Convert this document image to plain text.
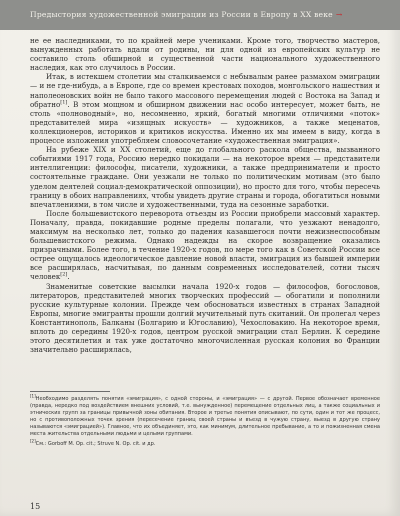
Предыстория художественной эмиграции из России в Европу в XX веке →

не ее наследниками, то по крайней мере учениками. Кроме того, творчество мастеров, вынужденных работать вдали от родины, ни для одной из европейских культур не составило столь обширной и существенной части национального художественного наследия, как это случилось в России.

Итак, в истекшем столетии мы сталкиваемся с небывалым ранее размахом эмиграции — и не где-нибудь, а в Европе, где со времен крестовых походов, монгольского нашествия и наполеоновских войн не было такого массового перемещения людей с Востока на Запад и обратно[1]. В этом мощном и обширном движении нас особо интересует, может быть, не столь «полноводный», но, несомненно, яркий, богатый многими отличиями «поток» представителей мира «изящных искусств» — художников, а также меценатов, коллекционеров, историков и критиков искусства. Именно их мы имеем в виду, когда в процессе изложения употребляем словосочетание «художественная эмиграция».

На рубеже XIX и XX столетий, еще до глобального раскола общества, вызванного событиями 1917 года, Россию нередко покидали — на некоторое время — представители интеллигенции: философы, писатели, художники, а также предприниматели и просто состоятельные граждане. Они уезжали не только по политическим мотивам (это было уделом деятелей социал-демократической оппозиции), но просто для того, чтобы пересечь границу в обоих направлениях, чтобы увидеть другие страны и города, обогатиться новыми впечатлениями, в том числе и художественными, туда на сезонные заработки.

После большевистского переворота отъезды из России приобрели массовый характер. Поначалу, правда, покидавшие родные пределы полагали, что уезжают ненадолго, максимум на несколько лет, только до падения казавшегося почти нежизнеспособным большевистского режима. Однако надежды на скорое возвращение оказались призрачными. Более того, в течение 1920-х годов, по мере того как в Советской России все острее ощущалось идеологическое давление новой власти, эмиграция из бывшей империи все расширялась, насчитывая, по данным современных исследователей, сотни тысяч человек[2].

Знаменитые советские высылки начала 1920-х годов — философов, богословов, литераторов, представителей многих творческих профессий — обогатили и пополнили русские культурные колонии. Прежде чем обосноваться известных в странах Западной Европы, многие эмигранты прошли долгий мучительный путь скитаний. Он пролегал через Константинополь, Балканы (Болгарию и Югославию), Чехословакию. На некоторое время, вплоть до середины 1920-х годов, центром русской эмиграции стал Берлин. К середине этого десятилетия и так уже достаточно многочисленная русская колония во Франции значительно расширялась,

[1]Необходимо разделять понятия «эмиграция», с одной стороны, и «эмиграция» — с другой. Первое обозначает временное (правда, нередко под воздействием внешних условий, т.е. вынужденное) перемещение отдельных лиц, а также социальных и этнических групп за границы привычной зоны обитания. Второе и третье понятия описывают, по сути, один и тот же процесс, но с противоположных точек зрения (пересечение границ своей страны и въезд в чужую страну, выезд в другую страну называются «эмиграцией»). Главное, что их объединяет, это, как минимум, длительное пребывание, а то и пожизненная смена места жительства отдельными людьми и целыми группами.

[2]См.: Gorboff M. Op. cit.; Struve N. Op. cit. и др.

15
